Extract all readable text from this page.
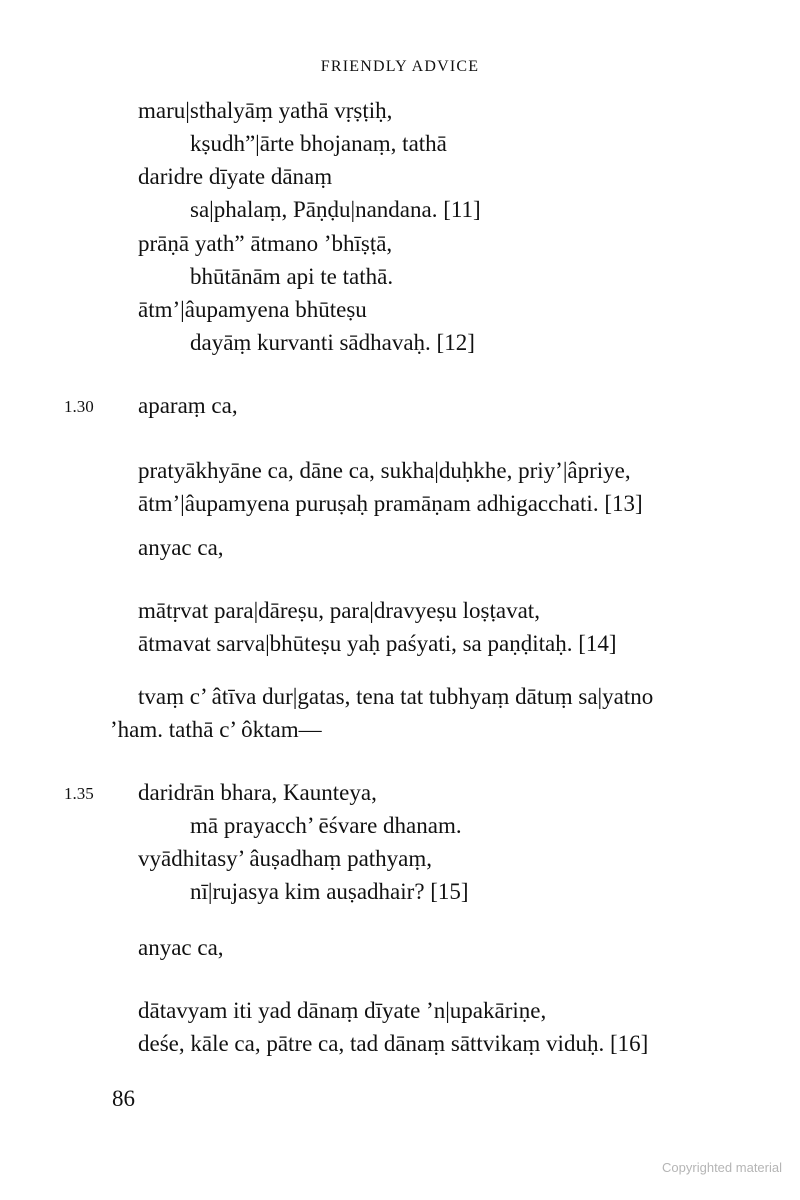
FRIENDLY ADVICE
maru|sthalyāṃ yathā vṛṣṭiḥ,
kṣudh”|ārte bhojanaṃ, tathā
daridre dīyate dānaṃ
sa|phalaṃ, Pāṇḍu|nandana. [11]
prāṇā yath” ātmano ’bhīṣṭā,
bhūtānām api te tathā.
ātm’|âupamyena bhūteṣu
dayāṃ kurvanti sādhavaḥ. [12]
aparaṃ ca,
pratyākhyāne ca, dāne ca, sukha|duḥkhe, priy’|âpriye,
ātm’|âupamyena puruṣaḥ pramāṇam adhigacchati. [13]
anyac ca,
mātṛvat para|dāreṣu, para|dravyeṣu loṣṭavat,
ātmavat sarva|bhūteṣu yaḥ paśyati, sa paṇḍitaḥ. [14]
tvaṃ c’ âtīva dur|gatas, tena tat tubhyaṃ dātuṃ sa|yatno
’ham. tathā c’ ôktam—
daridrān bhara, Kaunteya,
mā prayacch’ ēśvare dhanam.
vyādhitasy’ âuṣadhaṃ pathyaṃ,
nī|rujasya kim auṣadhair? [15]
anyac ca,
dātavyam iti yad dānaṃ dīyate ’n|upakāriṇe,
deśe, kāle ca, pātre ca, tad dānaṃ sāttvikaṃ viduḥ. [16]
1.30
1.35
86
Copyrighted material
